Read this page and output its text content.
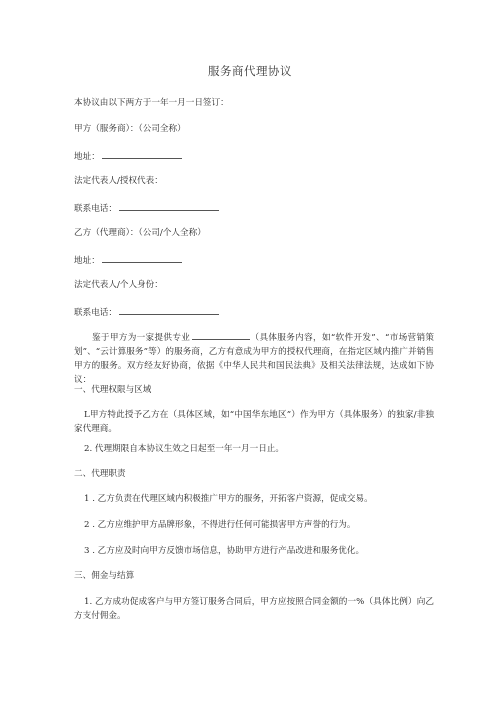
服务商代理协议
本协议由以下两方于一年一月一日签订：
甲方（服务商）：（公司全称）
地址：
法定代表人/授权代表：
联系电话：
乙方（代理商）：（公司/个人全称）
地址：
法定代表人/个人身份：
联系电话：
鉴于甲方为一家提供专业	（具体服务内容，如“软件开发”、“市场营销策划”、“云计算服务”等）的服务商，乙方有意成为甲方的授权代理商，在指定区域内推广并销售甲方的服务。双方经友好协商，依据《中华人民共和国民法典》及相关法律法规，达成如下协议：
一、代理权限与区域
L甲方特此授予乙方在（具体区域，如“中国华东地区”）作为甲方（具体服务）的独家/非独家代理商。
2. 代理期限自本协议生效之日起至一年一月一日止。
二、代理职责
1 . 乙方负责在代理区域内积极推广甲方的服务，开拓客户资源，促成交易。
2 . 乙方应维护甲方品牌形象，不得进行任何可能损害甲方声誉的行为。
3 . 乙方应及时向甲方反馈市场信息，协助甲方进行产品改进和服务优化。
三、佣金与结算
1. 乙方成功促成客户与甲方签订服务合同后，甲方应按照合同金额的一%（具体比例）向乙方支付佣金。
